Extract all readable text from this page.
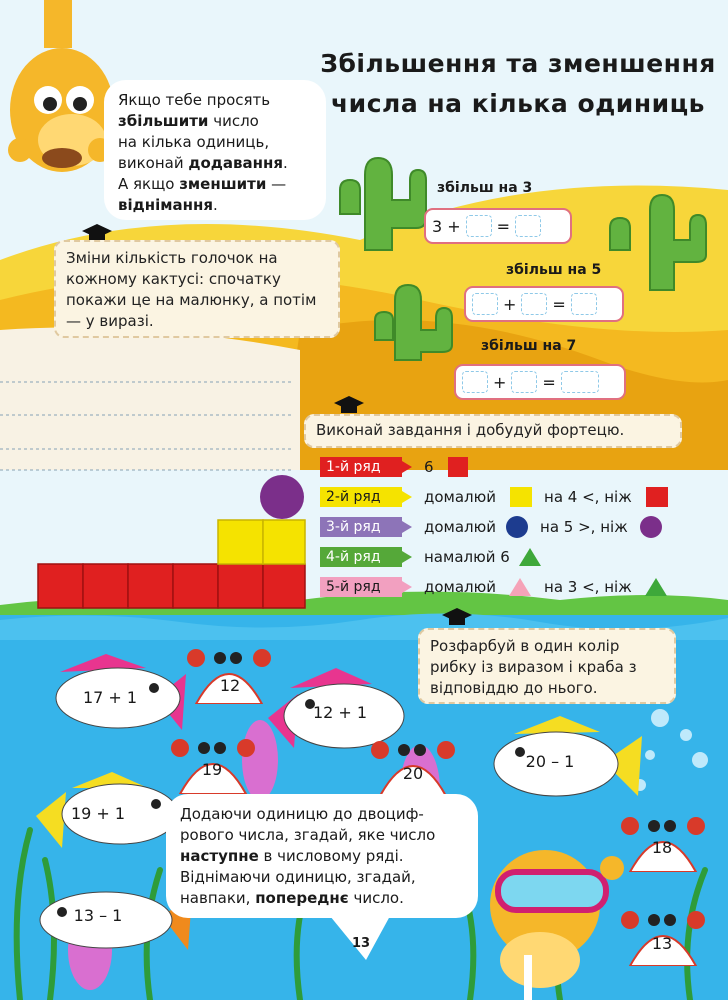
Збільшення та зменшення
числа на кілька одиниць
Якщо тебе просять
збільшити число
на кілька одиниць,
виконай додавання.
А якщо зменшити —
віднімання.
Зміни кількість голочок на кожному кактусі: спочатку покажи це на малюнку, а потім — у виразі.
збільш на 3
3 + =
збільш на 5
+ =
збільш на 7
+ =
Виконай завдання і добудуй фортецю.
1-й ряд	6
2-й ряд	домалюй	на 4 <, ніж
3-й ряд	домалюй	на 5 >, ніж
4-й ряд	намалюй 6
5-й ряд	домалюй	на 3 <, ніж
Розфарбуй в один колір рибку із виразом і краба з відповіддю до нього.
17 + 1
12 + 1
20 – 1
19 + 1
13 – 1
12
19	20
18
13
Додаючи одиницю до двоциф-рового числа, згадай, яке число наступне в числовому ряді. Віднімаючи одиницю, згадай, навпаки, попереднє число.
13
